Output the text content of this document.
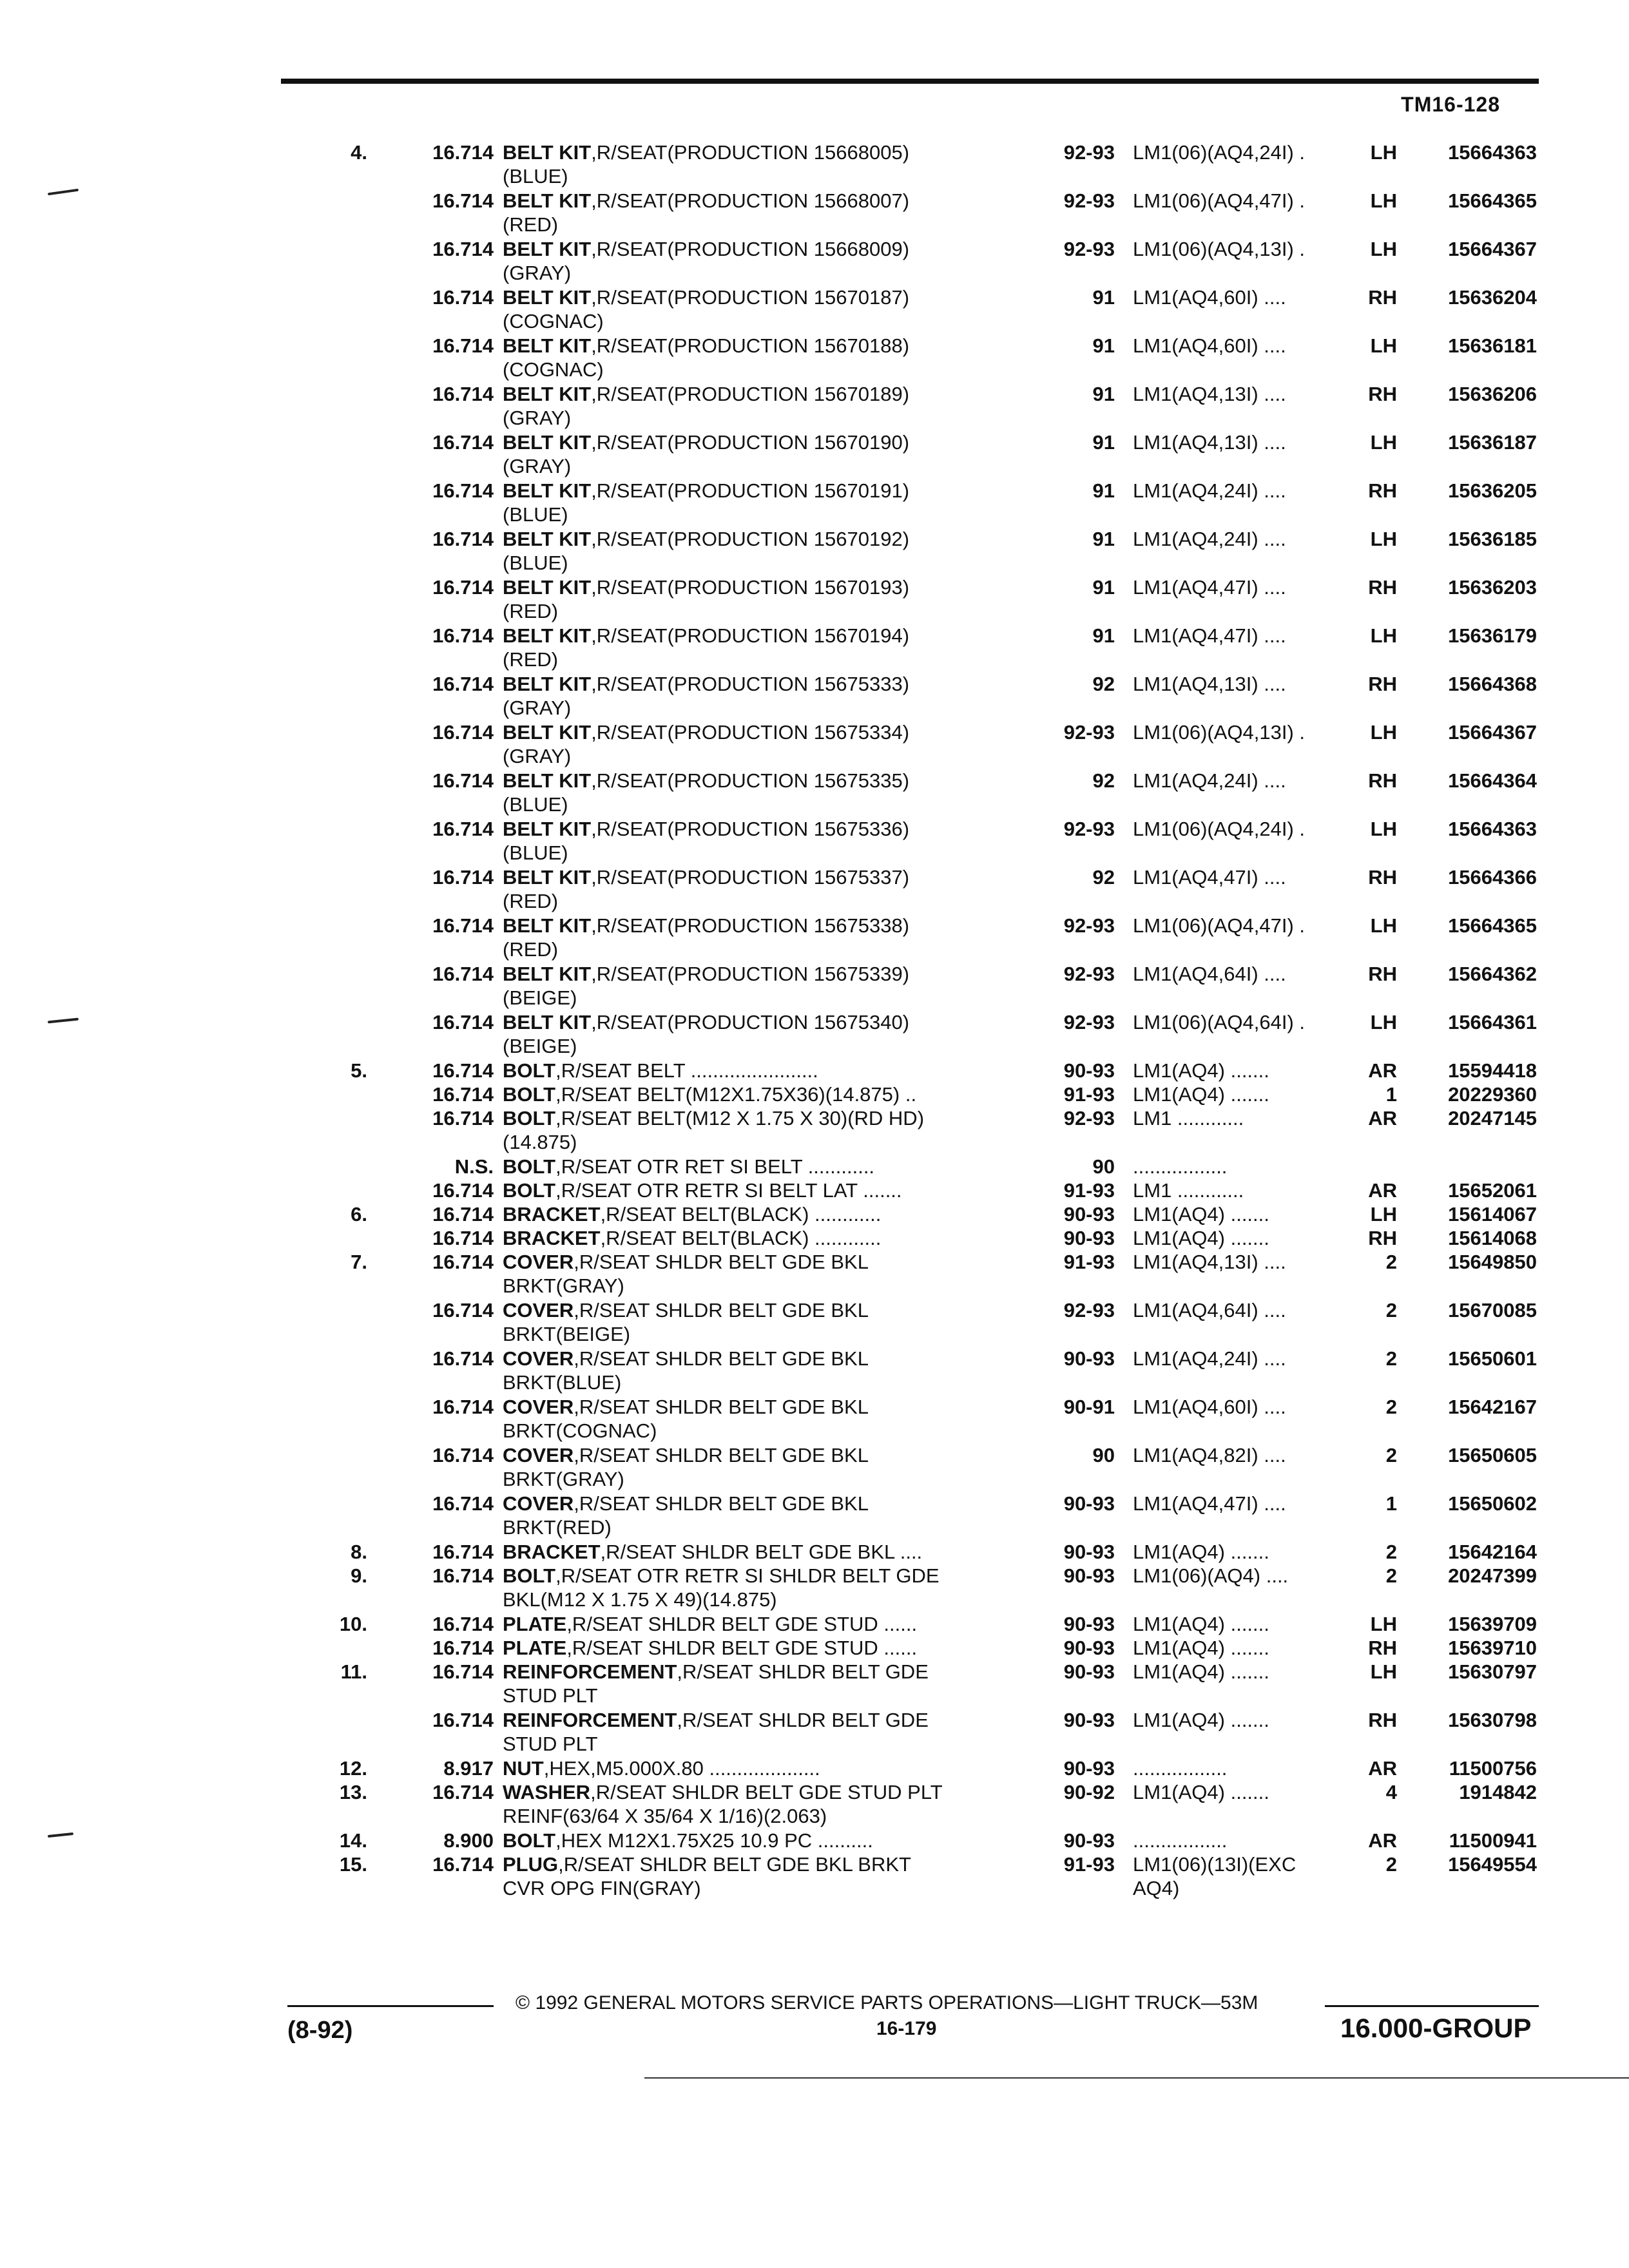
TM16-128
4.	16.714 BELT KIT,R/SEAT(PRODUCTION 15668005)
(BLUE)
92-93 LM1(06)(AQ4,24I) .	LH	15664363
16.714 BELT KIT,R/SEAT(PRODUCTION 15668007)
(RED)
92-93 LM1(06)(AQ4,47I) .	LH	15664365
16.714 BELT KIT,R/SEAT(PRODUCTION 15668009)
(GRAY)
92-93 LM1(06)(AQ4,13I) .	LH	15664367
16.714 BELT KIT,R/SEAT(PRODUCTION 15670187)
(COGNAC)
91 LM1(AQ4,60I) ....	RH	15636204
16.714 BELT KIT,R/SEAT(PRODUCTION 15670188)
(COGNAC)
91 LM1(AQ4,60I) ....	LH	15636181
16.714 BELT KIT,R/SEAT(PRODUCTION 15670189)
(GRAY)
91 LM1(AQ4,13I) ....	RH	15636206
16.714 BELT KIT,R/SEAT(PRODUCTION 15670190)
(GRAY)
91 LM1(AQ4,13I) ....	LH	15636187
16.714 BELT KIT,R/SEAT(PRODUCTION 15670191)
(BLUE)
91 LM1(AQ4,24I) ....	RH	15636205
16.714 BELT KIT,R/SEAT(PRODUCTION 15670192)
(BLUE)
91 LM1(AQ4,24I) ....	LH	15636185
16.714 BELT KIT,R/SEAT(PRODUCTION 15670193)
(RED)
91 LM1(AQ4,47I) ....	RH	15636203
16.714 BELT KIT,R/SEAT(PRODUCTION 15670194)
(RED)
91 LM1(AQ4,47I) ....	LH	15636179
16.714 BELT KIT,R/SEAT(PRODUCTION 15675333)
(GRAY)
92 LM1(AQ4,13I) ....	RH	15664368
16.714 BELT KIT,R/SEAT(PRODUCTION 15675334)
(GRAY)
92-93 LM1(06)(AQ4,13I) .	LH	15664367
16.714 BELT KIT,R/SEAT(PRODUCTION 15675335)
(BLUE)
92 LM1(AQ4,24I) ....	RH	15664364
16.714 BELT KIT,R/SEAT(PRODUCTION 15675336)
(BLUE)
92-93 LM1(06)(AQ4,24I) .	LH	15664363
16.714 BELT KIT,R/SEAT(PRODUCTION 15675337)
(RED)
92 LM1(AQ4,47I) ....	RH	15664366
16.714 BELT KIT,R/SEAT(PRODUCTION 15675338)
(RED)
92-93 LM1(06)(AQ4,47I) .	LH	15664365
16.714 BELT KIT,R/SEAT(PRODUCTION 15675339)
(BEIGE)
92-93 LM1(AQ4,64I) ....	RH	15664362
16.714 BELT KIT,R/SEAT(PRODUCTION 15675340)
(BEIGE)
92-93 LM1(06)(AQ4,64I) .	LH	15664361
5.	16.714 BOLT,R/SEAT BELT .......................	90-93 LM1(AQ4) .......	AR	15594418
16.714 BOLT,R/SEAT BELT(M12X1.75X36)(14.875) ..	91-93 LM1(AQ4) .......	1	20229360
16.714 BOLT,R/SEAT BELT(M12 X 1.75 X 30)(RD HD)
(14.875)
92-93 LM1 ............	AR	20247145
N.S. BOLT,R/SEAT OTR RET SI BELT ............	90 .................
16.714 BOLT,R/SEAT OTR RETR SI BELT LAT .......	91-93 LM1 ............	AR	15652061
6.	16.714 BRACKET,R/SEAT BELT(BLACK) ............	90-93 LM1(AQ4) .......	LH	15614067
16.714 BRACKET,R/SEAT BELT(BLACK) ............	90-93 LM1(AQ4) .......	RH	15614068
7.	16.714 COVER,R/SEAT SHLDR BELT GDE BKL
BRKT(GRAY)
91-93 LM1(AQ4,13I) ....	2	15649850
16.714 COVER,R/SEAT SHLDR BELT GDE BKL
BRKT(BEIGE)
92-93 LM1(AQ4,64I) ....	2	15670085
16.714 COVER,R/SEAT SHLDR BELT GDE BKL
BRKT(BLUE)
90-93 LM1(AQ4,24I) ....	2	15650601
16.714 COVER,R/SEAT SHLDR BELT GDE BKL
BRKT(COGNAC)
90-91 LM1(AQ4,60I) ....	2	15642167
16.714 COVER,R/SEAT SHLDR BELT GDE BKL
BRKT(GRAY)
90 LM1(AQ4,82I) ....	2	15650605
16.714 COVER,R/SEAT SHLDR BELT GDE BKL
BRKT(RED)
90-93 LM1(AQ4,47I) ....	1	15650602
8.	16.714 BRACKET,R/SEAT SHLDR BELT GDE BKL ....	90-93 LM1(AQ4) .......	2	15642164
9.	16.714 BOLT,R/SEAT OTR RETR SI SHLDR BELT GDE
BKL(M12 X 1.75 X 49)(14.875)
90-93 LM1(06)(AQ4) ....	2	20247399
10.	16.714 PLATE,R/SEAT SHLDR BELT GDE STUD ......	90-93 LM1(AQ4) .......	LH	15639709
16.714 PLATE,R/SEAT SHLDR BELT GDE STUD ......	90-93 LM1(AQ4) .......	RH	15639710
11.	16.714 REINFORCEMENT,R/SEAT SHLDR BELT GDE
STUD PLT
90-93 LM1(AQ4) .......	LH	15630797
16.714 REINFORCEMENT,R/SEAT SHLDR BELT GDE
STUD PLT
90-93 LM1(AQ4) .......	RH	15630798
12.	8.917 NUT,HEX,M5.000X.80 ....................	90-93 .................	AR	11500756
13.	16.714 WASHER,R/SEAT SHLDR BELT GDE STUD PLT
REINF(63/64 X 35/64 X 1/16)(2.063)
90-92 LM1(AQ4) .......	4	1914842
14.	8.900 BOLT,HEX M12X1.75X25 10.9 PC ..........	90-93 .................	AR	11500941
15.	16.714 PLUG,R/SEAT SHLDR BELT GDE BKL BRKT
CVR OPG FIN(GRAY)
91-93 LM1(06)(13I)(EXC
AQ4)
2	15649554
© 1992 GENERAL MOTORS SERVICE PARTS OPERATIONS—LIGHT TRUCK—53M
16-179
(8-92)	16.000-GROUP
